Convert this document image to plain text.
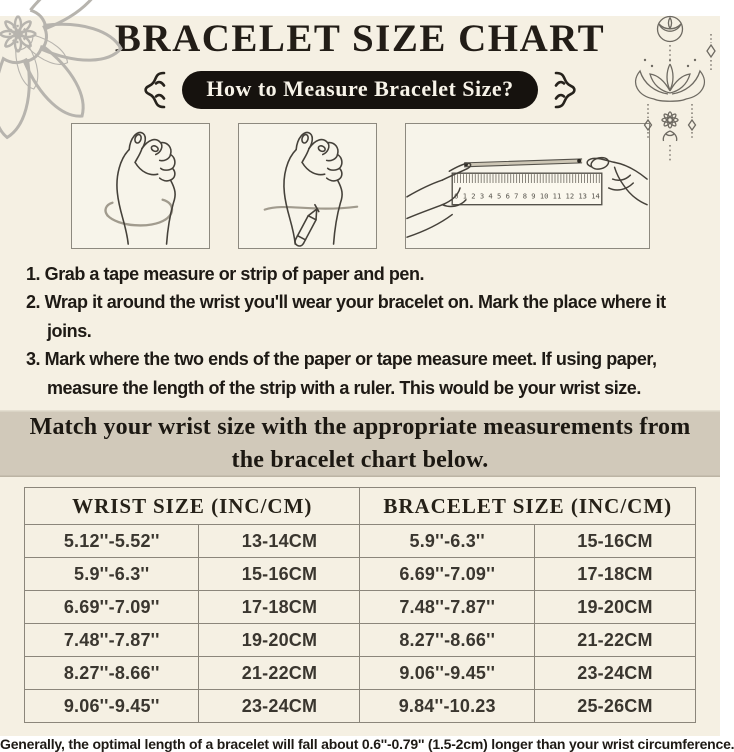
BRACELET SIZE CHART
How to Measure Bracelet Size?
0 1 2 3 4 5 6 7 8 9 10 11 12 13 14
1. Grab a tape measure or strip of paper and pen.
2. Wrap it around the wrist you'll wear your bracelet on. Mark the place where it joins.
3. Mark where the two ends of the paper or tape measure meet. If using paper, measure the length of the strip with a ruler. This would be your wrist size.
Match your wrist size with the appropriate measurements from the bracelet chart below.
WRIST SIZE (INC/CM)		BRACELET SIZE (INC/CM)	
5.12''-5.52''	13-14CM	5.9''-6.3''	15-16CM
5.9''-6.3''	15-16CM	6.69''-7.09''	17-18CM
6.69''-7.09''	17-18CM	7.48''-7.87''	19-20CM
7.48''-7.87''	19-20CM	8.27''-8.66''	21-22CM
8.27''-8.66''	21-22CM	9.06''-9.45''	23-24CM
9.06''-9.45''	23-24CM	9.84''-10.23	25-26CM
Generally, the optimal length of a bracelet will fall about 0.6''-0.79'' (1.5-2cm) longer than your wrist circumference.
